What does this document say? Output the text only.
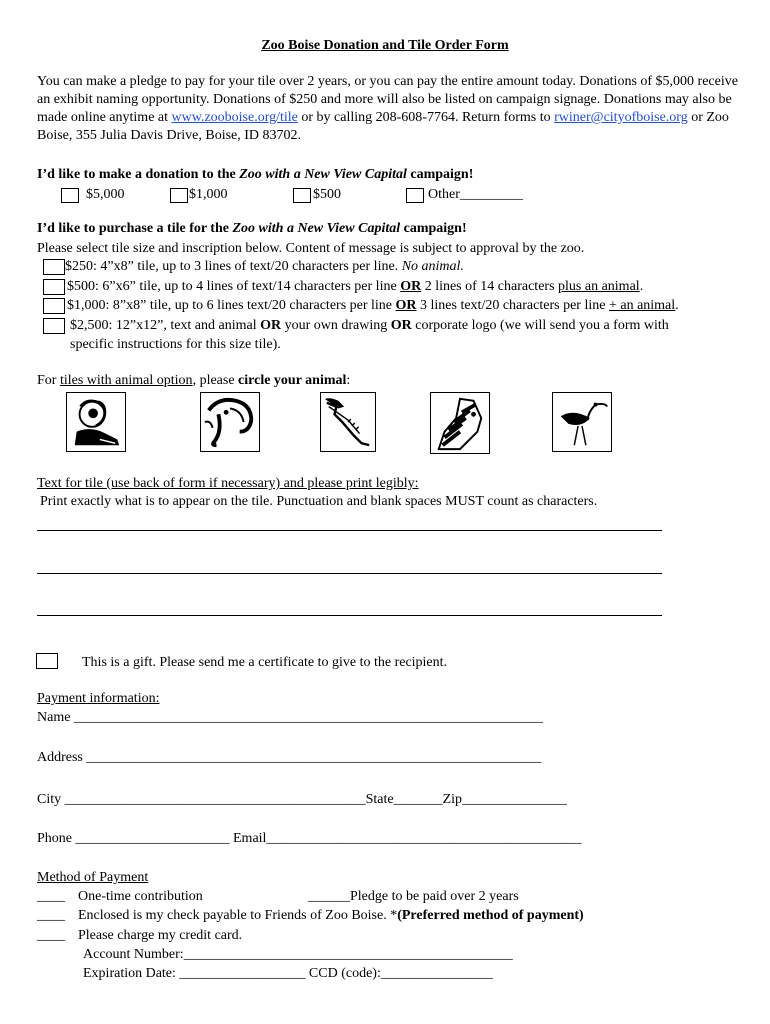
Zoo Boise Donation and Tile Order Form
You can make a pledge to pay for your tile over 2 years, or you can pay the entire amount today. Donations of $5,000 receive an exhibit naming opportunity. Donations of $250 and more will also be listed on campaign signage. Donations may also be made online anytime at www.zooboise.org/tile or by calling 208-608-7764. Return forms to rwiner@cityofboise.org or Zoo Boise, 355 Julia Davis Drive, Boise, ID 83702.
I’d like to make a donation to the Zoo with a New View Capital campaign!
$5,000	$1,000	$500	Other_________
I’d like to purchase a tile for the Zoo with a New View Capital campaign!
Please select tile size and inscription below. Content of message is subject to approval by the zoo.
$250: 4”x8” tile, up to 3 lines of text/20 characters per line. No animal.
$500: 6”x6” tile, up to 4 lines of text/14 characters per line OR 2 lines of 14 characters plus an animal.
$1,000: 8”x8” tile, up to 6 lines text/20 characters per line OR 3 lines text/20 characters per line + an animal.
$2,500: 12”x12”, text and animal OR your own drawing OR corporate logo (we will send you a form with
specific instructions for this size tile).
For tiles with animal option, please circle your animal:
Text for tile (use back of form if necessary) and please print legibly:
Print exactly what is to appear on the tile. Punctuation and blank spaces MUST count as characters.
This is a gift. Please send me a certificate to give to the recipient.
Payment information:
Name ___________________________________________________________________
Address _________________________________________________________________
City ___________________________________________State_______Zip_______________
Phone ______________________ Email_____________________________________________
Method of Payment
____ One-time contribution	______Pledge to be paid over 2 years
____ Enclosed is my check payable to Friends of Zoo Boise. *(Preferred method of payment)
____ Please charge my credit card.
Account Number:_______________________________________________
Expiration Date: __________________ CCD (code):________________
